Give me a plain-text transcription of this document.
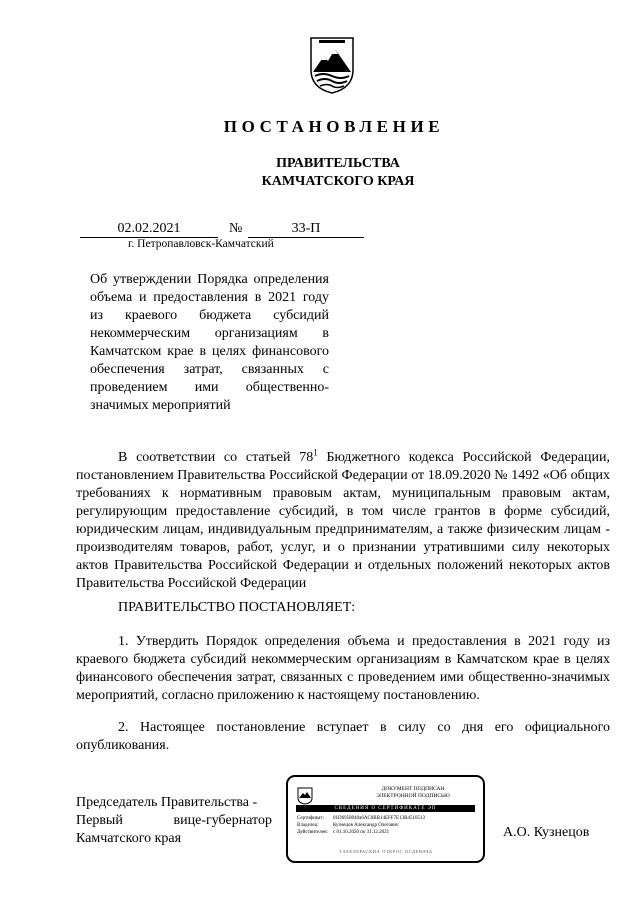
ПОСТАНОВЛЕНИЕ
ПРАВИТЕЛЬСТВА
КАМЧАТСКОГО КРАЯ
02.02.2021	№	33-П
г. Петропавловск-Камчатский
Об утверждении Порядка определения объема и предоставления в 2021 году из краевого бюджета субсидий некоммерческим организациям в Камчатском крае в целях финансового обеспечения затрат, связанных с проведением ими общественно-значимых мероприятий
В соответствии со статьей $78^1$ Бюджетного кодекса Российской Федерации, постановлением Правительства Российской Федерации от 18.09.2020 № 1492 «Об общих требованиях к нормативным правовым актам, муниципальным правовым актам, регулирующим предоставление субсидий, в том числе грантов в форме субсидий, юридическим лицам, индивидуальным предпринимателям, а также физическим лицам - производителям товаров, работ, услуг, и о признании утратившими силу некоторых актов Правительства Российской Федерации и отдельных положений некоторых актов Правительства Российской Федерации
ПРАВИТЕЛЬСТВО ПОСТАНОВЛЯЕТ:
1. Утвердить Порядок определения объема и предоставления в 2021 году из краевого бюджета субсидий некоммерческим организациям в Камчатском крае в целях финансового обеспечения затрат, связанных с проведением ими общественно-значимых мероприятий, согласно приложению к настоящему постановлению.
2. Настоящее постановление вступает в силу со дня его официального опубликования.
Председатель Правительства -
Первый	вице-губернатор
Камчатского края
ДОКУМЕНТ ПОДПИСАН
ЭЛЕКТРОННОЙ ПОДПИСЬЮ
СВЕДЕНИЯ О СЕРТИФИКАТЕ ЭП
Сертификат:	01D6958040a6AC0BB14EFF7E13B4510513
Владелец:	Кузнецов Александр Олегович
Действителен:	с 01.10.2020 по 31.12.2021
ТАБЕЛЕРАСКИА ОТКРОС ОСДЕВАЧА
А.О. Кузнецов
